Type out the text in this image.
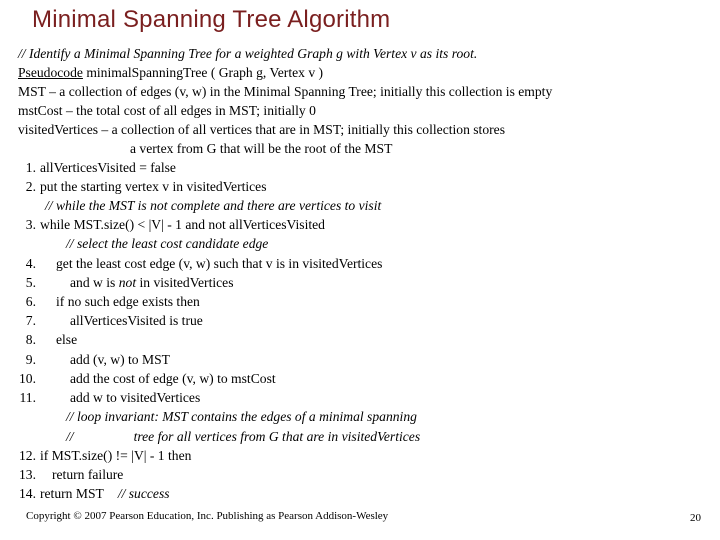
Minimal Spanning Tree Algorithm
// Identify a Minimal Spanning Tree for a weighted Graph g with Vertex v as its root.
Pseudocode minimalSpanningTree ( Graph g, Vertex v )
MST – a collection of edges (v, w) in the Minimal Spanning Tree; initially this collection is empty
mstCost – the total cost of all edges in MST; initially 0
visitedVertices – a collection of all vertices that are in MST; initially this collection stores
a vertex from G that will be the root of the MST
1. allVerticesVisited = false
2. put the starting vertex v in visitedVertices
// while the MST is not complete and there are vertices to visit
3. while MST.size() < |V| - 1 and not allVerticesVisited
// select the least cost candidate edge
4. get the least cost edge (v, w) such that v is in visitedVertices
5.	and w is not in visitedVertices
6. if no such edge exists then
7.	allVerticesVisited is true
8. else
9.	add (v, w) to MST
10.	add the cost of edge (v, w) to mstCost
11.	add w to visitedVertices
// loop invariant: MST contains the edges of a minimal spanning
//	tree for all vertices from G that are in visitedVertices
12. if MST.size() != |V| - 1 then
13. return failure
14. return MST // success
Copyright © 2007 Pearson Education, Inc. Publishing as Pearson Addison-Wesley	20
